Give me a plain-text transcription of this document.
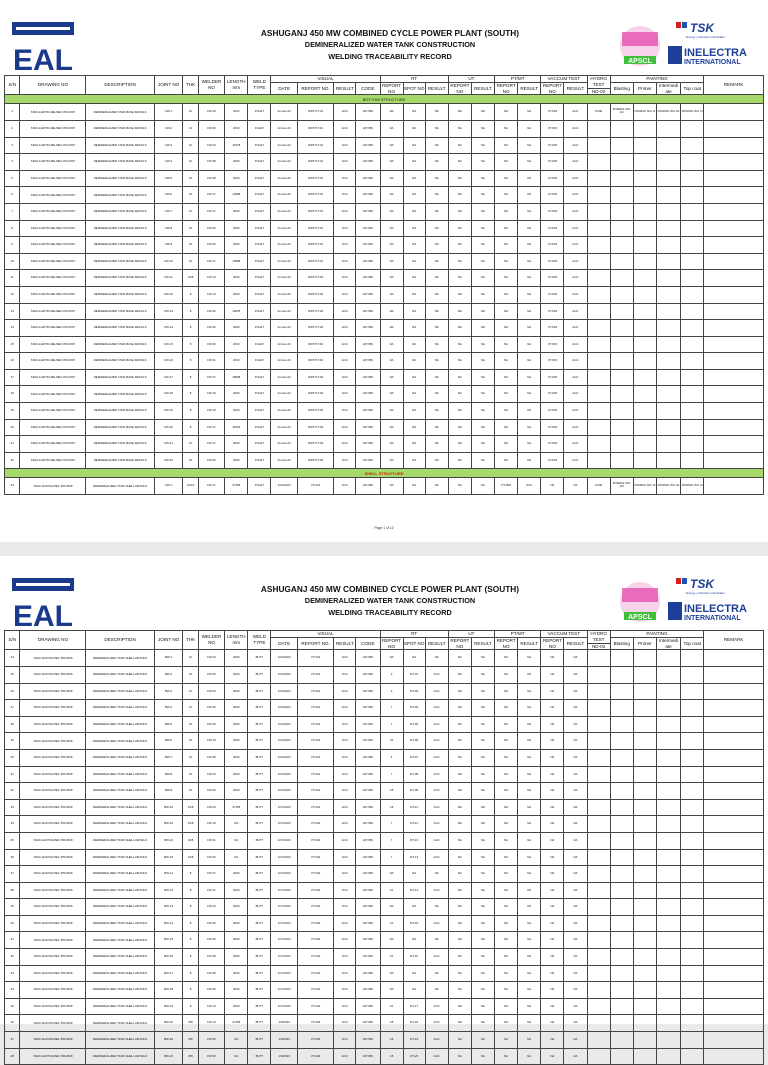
EAL
ASHUGANJ 450 MW COMBINED CYCLE POWER PLANT (SOUTH)
DEMINERALIZED WATER TANK CONSTRUCTION
WELDING TRACEABILITY RECORD
APSCL
TSK
Energy y Plantas Industriales
INELECTRA
INTERNATIONAL
S/N	DRAWING NO	DESCRIPTION	JOINT NO	THK	WELDER NO	LENGTH
mm	WELD TYPE	VISUAL				RT			UT		PT/MT		VACCUM TEST		HYDRO TEST	PAINTING				REMARK
								DATE	REPORT NO.	RESULT	CODE	REPORT NO	SPOT NO	RESULT	REPORT NO	RESULT	REPORT NO	RESULT	REPORT NO	RESULT		Blasting	Primer	Intermedi ate	Top coat	
																					ND-02					
BOTTOM STRUCTURE																										
1	SS03-1120730-ME-MEC PM-0007	DEMINERALIZED TANK BASE DETAILS	FW-1	10	FW 29	6432	FULET	22-Jan-23	DWT/VT-01	ACC	API 650	NA	NA	NA	NA	NA	NA	NA	VT-003	ACC	DONE	INTERNAL IS/N: 414	INTERNAL IS/N: 11	INTERNAL IS/N: NA	INTERNAL IS/N: 14	
2	SS03-1120730-ME-MEC PM-0007	DEMINERALIZED TANK BASE DETAILS	FW-2	10	FW 29	2000	FULET	22-Jan-23	DWT/VT-01	ACC	API 650	NA	NA	NA	NA	NA	NA	NA	VT-003	ACC						
3	SS03-1120730-ME-MEC PM-0007	DEMINERALIZED TANK BASE DETAILS	FW-3	10	FW 24	11578	FULET	22-Jan-23	DWT/VT-01	ACC	API 650	NA	NA	NA	NA	NA	NA	NA	VT-003	ACC						
4	SS03-1120730-ME-MEC PM-0007	DEMINERALIZED TANK BASE DETAILS	FW-4	10	FW 38	2000	FULET	22-Jan-23	DWT/VT-01	ACC	API 650	NA	NA	NA	NA	NA	NA	NA	VT-003	ACC						
5	SS03-1120730-ME-MEC PM-0007	DEMINERALIZED TANK BASE DETAILS	FW-5	10	FW 38	2000	FULET	22-Jan-23	DWT/VT-01	ACC	API 650	NA	NA	NA	NA	NA	NA	NA	VT-003	ACC						
6	SS03-1120730-ME-MEC PM-0007	DEMINERALIZED TANK BASE DETAILS	FW-6	10	FW 27	13998	FULET	22-Jan-23	DWT/VT-01	ACC	API 650	NA	NA	NA	NA	NA	NA	NA	VT-003	ACC						
7	SS03-1120730-ME-MEC PM-0007	DEMINERALIZED TANK BASE DETAILS	FW-7	10	FW 27	2000	FULET	22-Jan-23	DWT/VT-01	ACC	API 650	NA	NA	NA	NA	NA	NA	NA	VT-003	ACC						
8	SS03-1120730-ME-MEC PM-0007	DEMINERALIZED TANK BASE DETAILS	FW-8	10	FW 32	2000	FULET	22-Jan-23	DWT/VT-01	ACC	API 650	NA	NA	NA	NA	NA	NA	NA	VT-003	ACC						
9	SS03-1120730-ME-MEC PM-0007	DEMINERALIZED TANK BASE DETAILS	FW-9	10	FW 32	2000	FULET	22-Jan-23	DWT/VT-01	ACC	API 650	NA	NA	NA	NA	NA	NA	NA	VT-003	ACC						
10	SS03-1120730-ME-MEC PM-0007	DEMINERALIZED TANK BASE DETAILS	FW-10	10	FW 27	15988	FULET	22-Jan-23	DWT/VT-01	ACC	API 650	NA	NA	NA	NA	NA	NA	NA	VT-003	ACC						
11	SS03-1120730-ME-MEC PM-0007	DEMINERALIZED TANK BASE DETAILS	FW-11	10/8	FW 14	2000	FULET	22-Jan-23	DWT/VT-02	ACC	API 650	NA	NA	NA	NA	NA	NA	NA	VT-003	ACC						
12	SS03-1120730-ME-MEC PM-0007	DEMINERALIZED TANK BASE DETAILS	FW-12	8	FW 14	2000	FULET	22-Jan-23	DWT/VT-02	ACC	API 650	NA	NA	NA	NA	NA	NA	NA	VT-003	ACC						
13	SS03-1120730-ME-MEC PM-0007	DEMINERALIZED TANK BASE DETAILS	FW-13	8	FW 32	19278	FULET	22-Jan-23	DWT/VT-02	ACC	API 650	NA	NA	NA	NA	NA	NA	NA	VT-003	ACC						
14	SS03-1120730-ME-MEC PM-0007	DEMINERALIZED TANK BASE DETAILS	FW-14	8	FW 32	2000	FULET	22-Jan-23	DWT/VT-02	ACC	API 650	NA	NA	NA	NA	NA	NA	NA	VT-003	ACC						
15	SS03-1120730-ME-MEC PM-0007	DEMINERALIZED TANK BASE DETAILS	FW-15	8	FW 29	2000	FULET	22-Jan-23	DWT/VT-02	ACC	API 650	NA	NA	NA	NA	NA	NA	NA	VT-003	ACC						
16	SS03-1120730-ME-MEC PM-0007	DEMINERALIZED TANK BASE DETAILS	FW-16	8	FW 31	2000	FULET	22-Jan-23	DWT/VT-02	ACC	API 650	NA	NA	NA	NA	NA	NA	NA	VT-003	ACC						
17	SS03-1120730-ME-MEC PM-0007	DEMINERALIZED TANK BASE DETAILS	FW-17	8	FW 27	18058	FULET	22-Jan-23	DWT/VT-02	ACC	API 650	NA	NA	NA	NA	NA	NA	NA	VT-003	ACC						
18	SS03-1120730-ME-MEC PM-0007	DEMINERALIZED TANK BASE DETAILS	FW-18	8	FW 16	2000	FULET	22-Jan-23	DWT/VT-02	ACC	API 650	NA	NA	NA	NA	NA	NA	NA	VT-003	ACC						
19	SS03-1120730-ME-MEC PM-0007	DEMINERALIZED TANK BASE DETAILS	FW-19	8	FW 16	2000	FULET	22-Jan-23	DWT/VT-02	ACC	API 650	NA	NA	NA	NA	NA	NA	NA	VT-003	ACC						
20	SS03-1120730-ME-MEC PM-0007	DEMINERALIZED TANK BASE DETAILS	FW-20	8	FW 27	11663	FULET	22-Jan-23	DWT/VT-03	ACC	API 650	NA	NA	NA	NA	NA	NA	NA	VT-003	ACC						
21	SS03-1120730-ME-MEC PM-0007	DEMINERALIZED TANK BASE DETAILS	FW-21	10	FW 27	2000	FULET	22-Jan-23	DWT/VT-03	ACC	API 650	NA	NA	NA	NA	NA	NA	NA	VT-003	ACC						
22	SS03-1120730-ME-MEC PM-0007	DEMINERALIZED TANK BASE DETAILS	FW-22	10	FW 32	2000	FULET	22-Jan-23	DWT/VT-03	ACC	API 650	NA	NA	NA	NA	NA	NA	NA	VT-003	ACC						
SHELL STRUCTURE																										
23	SS03-1120730-MEC PM-0009	DEMINERALIZED TANK SHELL DETAILS	FW-1	10/10	FW 27	47155	FULET	1/10/2023	VT-001	ACC	API 650	NA	NA	NA	NA	NA	PT-008	ACC	NA	NA	DONE	INTERNAL IS/N: 003	INTERNAL IS/N: 18	INTERNAL IS/N: NA	INTERNAL IS/N: 21	
Page 1 of 12
EAL
ASHUGANJ 450 MW COMBINED CYCLE POWER PLANT (SOUTH)
DEMINERALIZED WATER TANK CONSTRUCTION
WELDING TRACEABILITY RECORD
APSCL
TSK
Energy y Plantas Industriales
INELECTRA
INTERNATIONAL
S/N	DRAWING NO	DESCRIPTION	JOINT NO	THK	WELDER NO	LENGTH
mm	WELD TYPE	VISUAL				RT			UT		PT/MT		VACCUM TEST		HYDRO TEST	PAINTING				REMARK
								DATE	REPORT NO.	RESULT	CODE	REPORT NO	SPOT NO	RESULT	REPORT NO	RESULT	REPORT NO	RESULT	REPORT NO	RESULT		Blasting	Primer	Intermedi ate	Top coat	
																					ND-02					
24	SS03-1120730-MEC PM-0009	DEMINERALIZED TANK SHELL DETAILS	BW-1	10	FW 24	2000	BUTT	1/10/2023	VT-001	ACC	API 650	NA	NA	NA	NA	NA	NA	NA	NA	NA						
25	SS03-1120730-MEC PM-0009	DEMINERALIZED TANK SHELL DETAILS	BW-2	10	FW 29	2000	BUTT	1/10/2023	VT-001	ACC	API 650	3	RT-01	ACC	NA	NA	NA	NA	NA	NA						
26	SS03-1120730-MEC PM-0009	DEMINERALIZED TANK SHELL DETAILS	BW-3	10	FW 24	2000	BUTT	1/10/2023	VT-001	ACC	API 650	3	RT-03	ACC	NA	NA	NA	NA	NA	NA						
27	SS03-1120730-MEC PM-0009	DEMINERALIZED TANK SHELL DETAILS	BW-4	10	FW 29	2000	BUTT	1/10/2023	VT-001	ACC	API 650	7	RT-03	ACC	NA	NA	NA	NA	NA	NA						
28	SS03-1120730-MEC PM-0009	DEMINERALIZED TANK SHELL DETAILS	BW-5	10	FW 29	2000	BUTT	1/10/2023	VT-001	ACC	API 650	7	RT-03	ACC	NA	NA	NA	NA	NA	NA						
29	SS03-1120730-MEC PM-0009	DEMINERALIZED TANK SHELL DETAILS	BW-6	10	FW 44	2000	BUTT	1/10/2023	VT-001	ACC	API 650	24	RT-05	ACC	NA	NA	NA	NA	NA	NA						
30	SS03-1120730-MEC PM-0009	DEMINERALIZED TANK SHELL DETAILS	BW-7	10	FW 38	2000	BUTT	1/10/2023	VT-001	ACC	API 650	4	RT-07	ACC	NA	NA	NA	NA	NA	NA						
31	SS03-1120730-MEC PM-0009	DEMINERALIZED TANK SHELL DETAILS	BW-8	10	FW 24	2000	BUTT	1/10/2023	VT-001	ACC	API 650	7	RT-08	ACC	NA	NA	NA	NA	NA	NA						
32	SS03-1120730-MEC PM-0009	DEMINERALIZED TANK SHELL DETAILS	BW-9	10	FW 29	2000	BUTT	1/10/2023	VT-001	ACC	API 650	18	RT-09	ACC	NA	NA	NA	NA	NA	NA						
33	SS03-1120730-MEC PM-0009	DEMINERALIZED TANK SHELL DETAILS	BW-10	10/8	FW 24	47155	BUTT	1/17/2023	VT-001	ACC	API 650	18	RT-11	ACC	NA	NA	NA	NA	NA	NA						
34	SS03-1120730-MEC PM-0009	DEMINERALIZED TANK SHELL DETAILS	BW-10	10/8	FW 16	NA	BUTT	1/17/2023	VT-002	ACC	API 650	7	RT-11	ACC	NA	NA	NA	NA	NA	NA						
35	SS03-1120730-MEC PM-0009	DEMINERALIZED TANK SHELL DETAILS	BW-10	10/8	FW 31	NA	BUTT	1/17/2023	VT-002	ACC	API 650	7	RT-13	ACC	NA	NA	NA	NA	NA	NA						
36	SS03-1120730-MEC PM-0009	DEMINERALIZED TANK SHELL DETAILS	BW-10	10/8	FW 32	NA	BUTT	1/17/2023	VT-002	ACC	API 650	7	RT-13	ACC	NA	NA	NA	NA	NA	NA						
37	SS03-1120730-MEC PM-0009	DEMINERALIZED TANK SHELL DETAILS	BW-11	8	FW 27	2000	BUTT	1/17/2023	VT-002	ACC	API 650	NA	NA	NA	NA	NA	NA	NA	NA	NA						
38	SS03-1120730-MEC PM-0009	DEMINERALIZED TANK SHELL DETAILS	BW-12	8	FW 31	2000	BUTT	1/17/2023	VT-002	ACC	API 650	10	RT-14	ACC	NA	NA	NA	NA	NA	NA						
39	SS03-1120730-MEC PM-0009	DEMINERALIZED TANK SHELL DETAILS	BW-13	8	FW 24	2000	BUTT	1/17/2023	VT-002	ACC	API 650	NA	NA	NA	NA	NA	NA	NA	NA	NA						
40	SS03-1120730-MEC PM-0009	DEMINERALIZED TANK SHELL DETAILS	BW-14	8	FW 29	2000	BUTT	1/17/2023	VT-002	ACC	API 650	10	RT-15	ACC	NA	NA	NA	NA	NA	NA						
41	SS03-1120730-MEC PM-0009	DEMINERALIZED TANK SHELL DETAILS	BW-15	8	FW 29	2000	BUTT	1/17/2023	VT-002	ACC	API 650	NA	NA	NA	NA	NA	NA	NA	NA	NA						
42	SS03-1120730-MEC PM-0009	DEMINERALIZED TANK SHELL DETAILS	BW-16	8	FW 38	2000	BUTT	1/17/2023	VT-002	ACC	API 650	10	RT-16	ACC	NA	NA	NA	NA	NA	NA						
43	SS03-1120730-MEC PM-0009	DEMINERALIZED TANK SHELL DETAILS	BW-17	8	FW 38	2000	BUTT	1/17/2023	VT-002	ACC	API 650	NA	NA	NA	NA	NA	NA	NA	NA	NA						
44	SS03-1120730-MEC PM-0009	DEMINERALIZED TANK SHELL DETAILS	BW-18	8	FW 29	2000	BUTT	1/17/2023	VT-002	ACC	API 650	NA	NA	NA	NA	NA	NA	NA	NA	NA						
45	SS03-1120730-MEC PM-0009	DEMINERALIZED TANK SHELL DETAILS	BW-19	8	FW 14	2000	BUTT	1/17/2023	VT-002	ACC	API 650	10	RT-17	ACC	NA	NA	NA	NA	NA	NA						
46	SS03-1120730-MEC PM-0009	DEMINERALIZED TANK SHELL DETAILS	BW-20	8/8	FW 14	47155	BUTT	1/9/2023	VT-003	ACC	API 650	18	RT-18	ACC	NA	NA	NA	NA	NA	NA						
47	SS03-1120730-MEC PM-0009	DEMINERALIZED TANK SHELL DETAILS	BW-20	8/8	FW 50	NA	BUTT	1/9/2023	VT-003	ACC	API 650	18	RT-19	ACC	NA	NA	NA	NA	NA	NA						
48	SS03-1120730-MEC PM-0009	DEMINERALIZED TANK SHELL DETAILS	BW-20	8/8	FW 50	NA	BUTT	1/9/2023	VT-003	ACC	API 650	18	RT-20	ACC	NA	NA	NA	NA	NA	NA						
